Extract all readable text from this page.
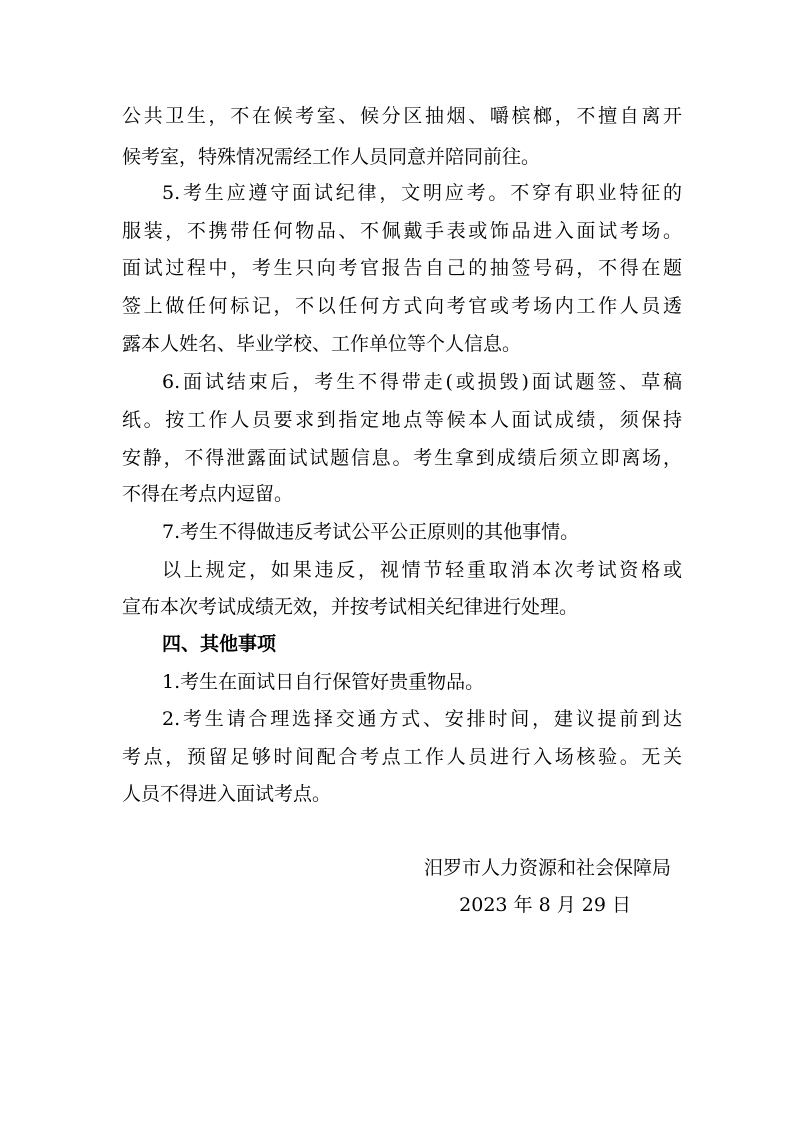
公共卫生，不在候考室、候分区抽烟、嚼槟榔，不擅自离开
候考室，特殊情况需经工作人员同意并陪同前往。
5.考生应遵守面试纪律，文明应考。不穿有职业特征的
服装，不携带任何物品、不佩戴手表或饰品进入面试考场。
面试过程中，考生只向考官报告自己的抽签号码，不得在题
签上做任何标记，不以任何方式向考官或考场内工作人员透
露本人姓名、毕业学校、工作单位等个人信息。
6.面试结束后，考生不得带走(或损毁)面试题签、草稿
纸。按工作人员要求到指定地点等候本人面试成绩，须保持
安静，不得泄露面试试题信息。考生拿到成绩后须立即离场，
不得在考点内逗留。
7.考生不得做违反考试公平公正原则的其他事情。
以上规定，如果违反，视情节轻重取消本次考试资格或
宣布本次考试成绩无效，并按考试相关纪律进行处理。
四、其他事项
1.考生在面试日自行保管好贵重物品。
2.考生请合理选择交通方式、安排时间，建议提前到达
考点，预留足够时间配合考点工作人员进行入场核验。无关
人员不得进入面试考点。
汨罗市人力资源和社会保障局
2023 年 8 月 29 日
